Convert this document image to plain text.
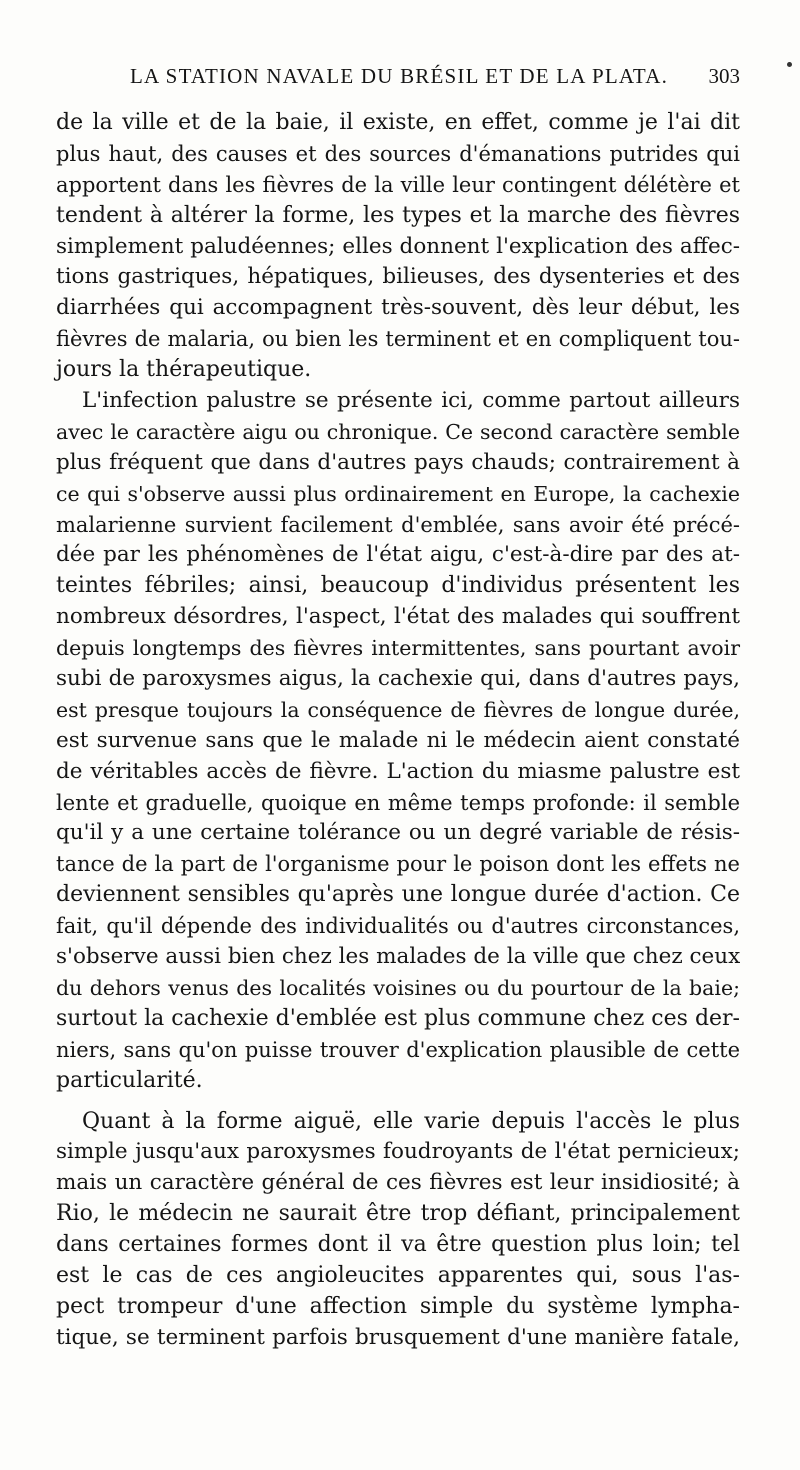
LA STATION NAVALE DU BRÉSIL ET DE LA PLATA. 303
de la ville et de la baie, il existe, en effet, comme je l'ai dit
plus haut, des causes et des sources d'émanations putrides qui
apportent dans les fièvres de la ville leur contingent délétère et
tendent à altérer la forme, les types et la marche des fièvres
simplement paludéennes; elles donnent l'explication des affec-
tions gastriques, hépatiques, bilieuses, des dysenteries et des
diarrhées qui accompagnent très-souvent, dès leur début, les
fièvres de malaria, ou bien les terminent et en compliquent tou-
jours la thérapeutique.
L'infection palustre se présente ici, comme partout ailleurs
avec le caractère aigu ou chronique. Ce second caractère semble
plus fréquent que dans d'autres pays chauds; contrairement à
ce qui s'observe aussi plus ordinairement en Europe, la cachexie
malarienne survient facilement d'emblée, sans avoir été précé-
dée par les phénomènes de l'état aigu, c'est-à-dire par des at-
teintes fébriles; ainsi, beaucoup d'individus présentent les
nombreux désordres, l'aspect, l'état des malades qui souffrent
depuis longtemps des fièvres intermittentes, sans pourtant avoir
subi de paroxysmes aigus, la cachexie qui, dans d'autres pays,
est presque toujours la conséquence de fièvres de longue durée,
est survenue sans que le malade ni le médecin aient constaté
de véritables accès de fièvre. L'action du miasme palustre est
lente et graduelle, quoique en même temps profonde: il semble
qu'il y a une certaine tolérance ou un degré variable de résis-
tance de la part de l'organisme pour le poison dont les effets ne
deviennent sensibles qu'après une longue durée d'action. Ce
fait, qu'il dépende des individualités ou d'autres circonstances,
s'observe aussi bien chez les malades de la ville que chez ceux
du dehors venus des localités voisines ou du pourtour de la baie;
surtout la cachexie d'emblée est plus commune chez ces der-
niers, sans qu'on puisse trouver d'explication plausible de cette
particularité.
Quant à la forme aiguë, elle varie depuis l'accès le plus
simple jusqu'aux paroxysmes foudroyants de l'état pernicieux;
mais un caractère général de ces fièvres est leur insidiosité; à
Rio, le médecin ne saurait être trop défiant, principalement
dans certaines formes dont il va être question plus loin; tel
est le cas de ces angioleucites apparentes qui, sous l'as-
pect trompeur d'une affection simple du système lympha-
tique, se terminent parfois brusquement d'une manière fatale,
